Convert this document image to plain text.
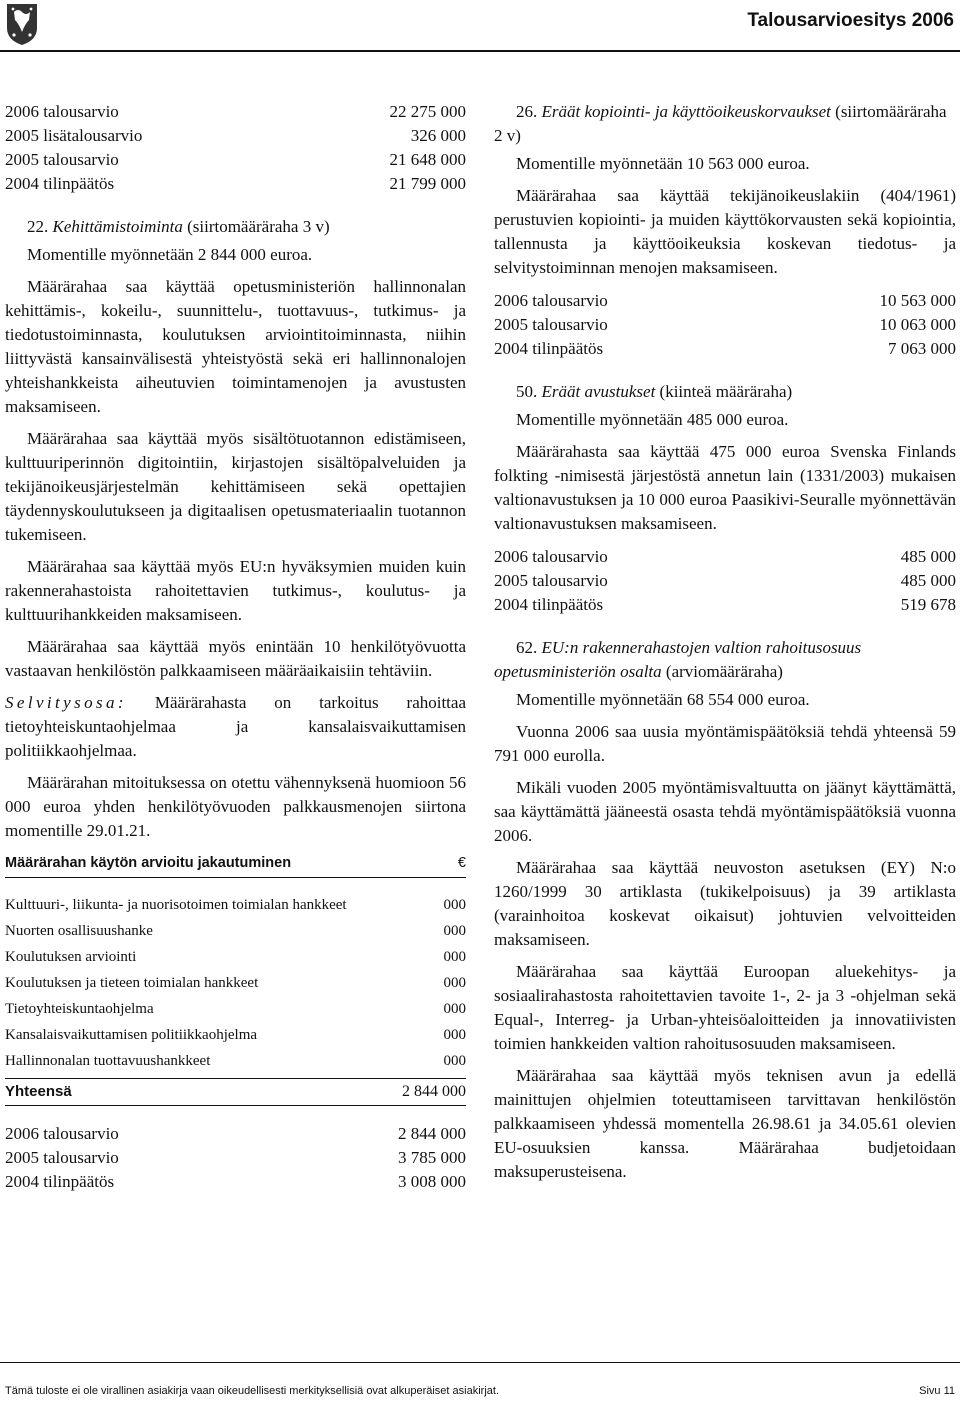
Talousarvioesitys 2006
2006 talousarvio	22 275 000
2005 lisätalousarvio	326 000
2005 talousarvio	21 648 000
2004 tilinpäätös	21 799 000
22. Kehittämistoiminta (siirtomääräraha 3 v)

Momentille myönnetään 2 844 000 euroa.

Määrärahaa saa käyttää opetusministeriön hallinnonalan kehittämis-, kokeilu-, suunnittelu-, tuottavuus-, tutkimus- ja tiedotustoiminnasta, koulutuksen arviointitoiminnasta, niihin liittyvästä kansainvälisestä yhteistyöstä sekä eri hallinnonalojen yhteishankkeista aiheutuvien toimintamenojen ja avustusten maksamiseen.

Määrärahaa saa käyttää myös sisältötuotannon edistämiseen, kulttuuriperinnön digitointiin, kirjastojen sisältöpalveluiden ja tekijänoikeusjärjestelmän kehittämiseen sekä opettajien täydennyskoulutukseen ja digitaalisen opetusmateriaalin tuotannon tukemiseen.

Määrärahaa saa käyttää myös EU:n hyväksymien muiden kuin rakennerahastoista rahoitettavien tutkimus-, koulutus- ja kulttuurihankkeiden maksamiseen.

Määrärahaa saa käyttää myös enintään 10 henkilötyövuotta vastaavan henkilöstön palkkaamiseen määräaikaisiin tehtäviin.

Selvitysosa: Määrärahasta on tarkoitus rahoittaa tietoyhteiskuntaohjelmaa ja kansalaisvaikuttamisen politiikkaohjelmaa.

Määrärahan mitoituksessa on otettu vähennyksenä huomioon 56 000 euroa yhden henkilötyövuoden palkkausmenojen siirtona momentille 29.01.21.

Määrärahan käytön arvioitu jakautuminen	€
Kulttuuri-, liikunta- ja nuorisotoimen toimialan hankkeet	000
Nuorten osallisuushanke	000
Koulutuksen arviointi	000
Koulutuksen ja tieteen toimialan hankkeet	000
Tietoyhteiskuntaohjelma	000
Kansalaisvaikuttamisen politiikkaohjelma	000
Hallinnonalan tuottavuushankkeet	000
Yhteensä	2 844 000
2006 talousarvio	2 844 000
2005 talousarvio	3 785 000
2004 tilinpäätös	3 008 000
26. Eräät kopiointi- ja käyttöoikeuskorvaukset (siirtomääräraha 2 v)

Momentille myönnetään 10 563 000 euroa.

Määrärahaa saa käyttää tekijänoikeuslakiin (404/1961) perustuvien kopiointi- ja muiden käyttökorvausten sekä kopiointia, tallennusta ja käyttöoikeuksia koskevan tiedotus- ja selvitystoiminnan menojen maksamiseen.

2006 talousarvio	10 563 000
2005 talousarvio	10 063 000
2004 tilinpäätös	7 063 000
50. Eräät avustukset (kiinteä määräraha)

Momentille myönnetään 485 000 euroa.

Määrärahasta saa käyttää 475 000 euroa Svenska Finlands folkting -nimisestä järjestöstä annetun lain (1331/2003) mukaisen valtionavustuksen ja 10 000 euroa Paasikivi-Seuralle myönnettävän valtionavustuksen maksamiseen.

2006 talousarvio	485 000
2005 talousarvio	485 000
2004 tilinpäätös	519 678
62. EU:n rakennerahastojen valtion rahoitusosuus opetusministeriön osalta (arviomääräraha)

Momentille myönnetään 68 554 000 euroa.

Vuonna 2006 saa uusia myöntämispäätöksiä tehdä yhteensä 59 791 000 eurolla.

Mikäli vuoden 2005 myöntämisvaltuutta on jäänyt käyttämättä, saa käyttämättä jääneestä osasta tehdä myöntämispäätöksiä vuonna 2006.

Määrärahaa saa käyttää neuvoston asetuksen (EY) N:o 1260/1999 30 artiklasta (tukikelpoisuus) ja 39 artiklasta (varainhoitoa koskevat oikaisut) johtuvien velvoitteiden maksamiseen.

Määrärahaa saa käyttää Euroopan aluekehitys- ja sosiaalirahastosta rahoitettavien tavoite 1-, 2- ja 3 -ohjelman sekä Equal-, Interreg- ja Urban-yhteisöaloitteiden ja innovatiivisten toimien hankkeiden valtion rahoitusosuuden maksamiseen.

Määrärahaa saa käyttää myös teknisen avun ja edellä mainittujen ohjelmien toteuttamiseen tarvittavan henkilöstön palkkaamiseen yhdessä momentella 26.98.61 ja 34.05.61 olevien EU-osuuksien kanssa. Määrärahaa budjetoidaan maksuperusteisena.

Tämä tuloste ei ole virallinen asiakirja vaan oikeudellisesti merkityksellisiä ovat alkuperäiset asiakirjat.	Sivu 11
